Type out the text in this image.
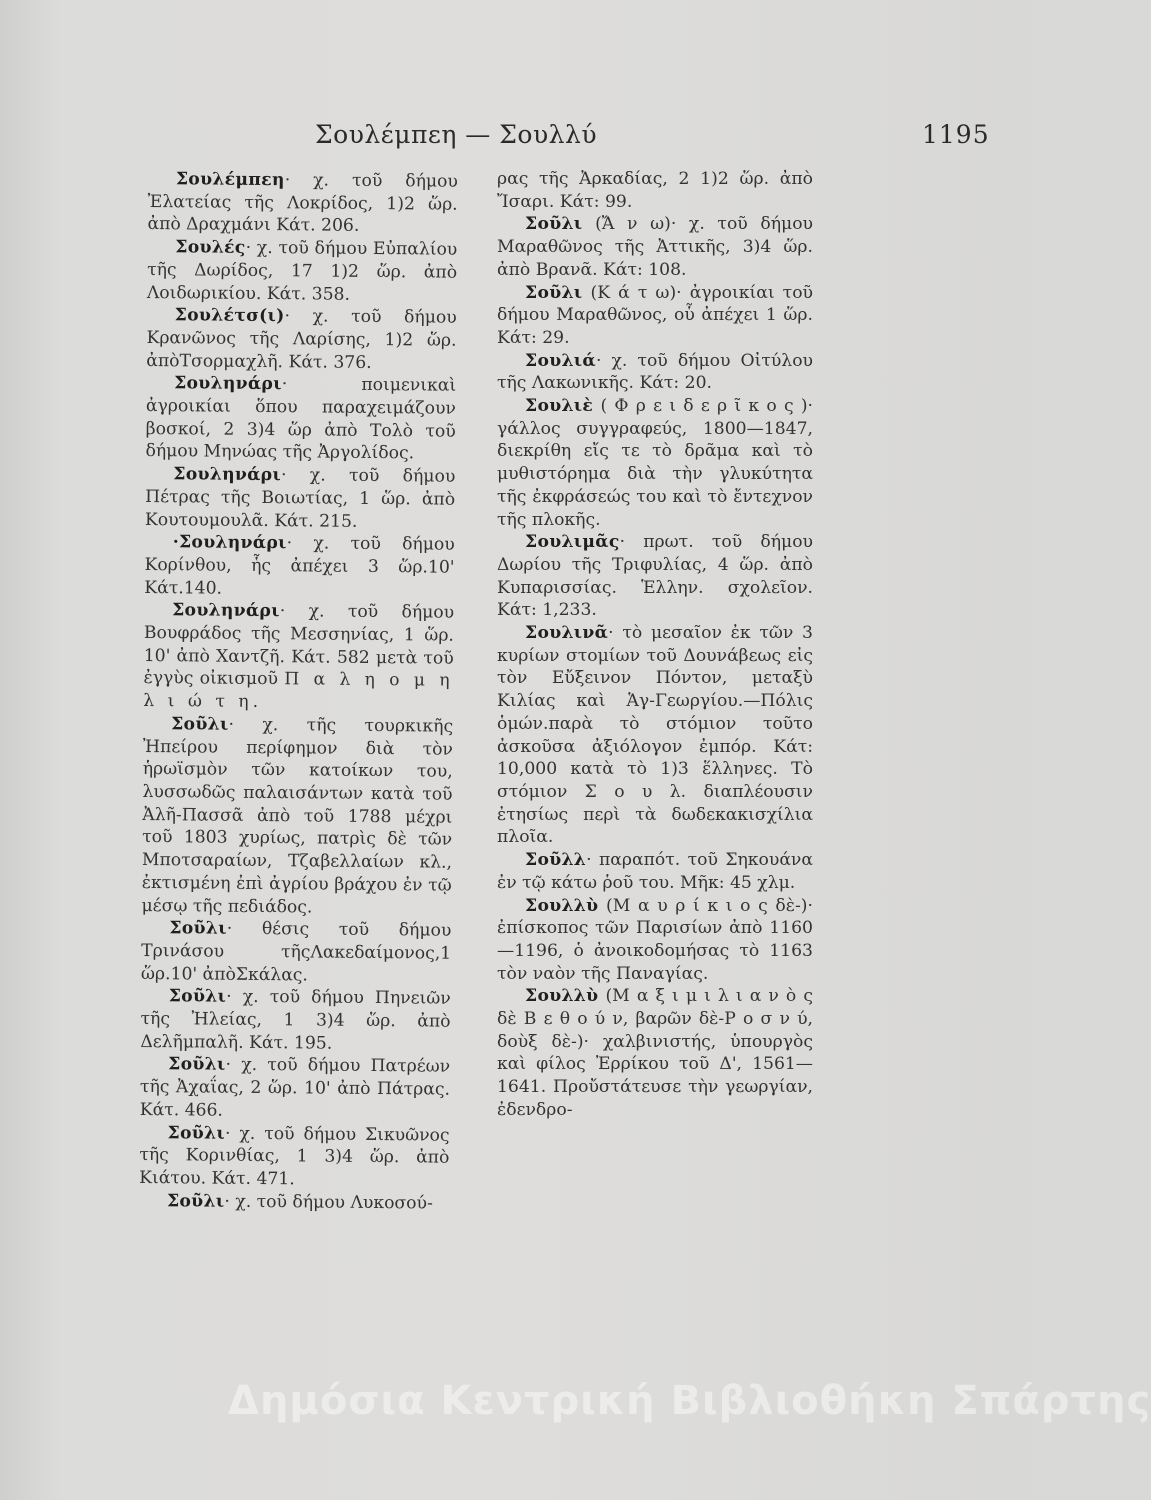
Σουλέμπεη — Σουλλύ	1195

Σουλέμπεη· χ. τοῦ δήμου Ἐλατείας τῆς Λοκρίδος, 1)2 ὥρ. ἀπὸ Δραχμάνι Κάτ. 206.

Σουλές· χ. τοῦ δήμου Εὐπαλίου τῆς Δωρίδος, 17 1)2 ὥρ. ἀπὸ Λοιδωρικίου. Κάτ. 358.

Σουλέτσ(ι)· χ. τοῦ δήμου Κρανῶνος τῆς Λαρίσης, 1)2 ὥρ. ἀπὸΤσορμαχλῆ. Κάτ. 376.

Σουληνάρι· ποιμενικαὶ ἀγροικίαι ὅπου παραχειμάζουν βοσκοί, 2 3)4 ὥρ ἀπὸ Τολὸ τοῦ δήμου Μηνώας τῆς Ἀργολίδος.

Σουληνάρι· χ. τοῦ δήμου Πέτρας τῆς Βοιωτίας, 1 ὥρ. ἀπὸ Κουτουμουλᾶ. Κάτ. 215.

·Σουληνάρι· χ. τοῦ δήμου Κορίνθου, ἧς ἀπέχει 3 ὥρ.10' Κάτ.140.

Σουληνάρι· χ. τοῦ δήμου Βουφράδος τῆς Μεσσηνίας, 1 ὥρ. 10' ἀπὸ Χαντζῆ. Κάτ. 582 μετὰ τοῦ ἐγγὺς οἰκισμοῦ Π α λ η ο μ η λ ι ώ τ η.

Σοῦλι· χ. τῆς τουρκικῆς Ἠπείρου περίφημον διὰ τὸν ἡρωϊσμὸν τῶν κατοίκων του, λυσσωδῶς παλαισάντων κατὰ τοῦ Ἀλῆ-Πασσᾶ ἀπὸ τοῦ 1788 μέχρι τοῦ 1803 χυρίως, πατρὶς δὲ τῶν Μποτσαραίων, Τζαβελλαίων κλ., ἐκτισμένη ἐπὶ ἀγρίου βράχου ἐν τῷ μέσῳ τῆς πεδιάδος.

Σοῦλι· θέσις τοῦ δήμου Τρινάσου τῆςΛακεδαίμονος,1 ὥρ.10' ἀπὸΣκάλας.

Σοῦλι· χ. τοῦ δήμου Πηνειῶν τῆς Ἠλείας, 1 3)4 ὥρ. ἀπὸ Δελῆμπαλῆ. Κάτ. 195.

Σοῦλι· χ. τοῦ δήμου Πατρέων τῆς Ἀχαΐας, 2 ὥρ. 10' ἀπὸ Πάτρας. Κάτ. 466.

Σοῦλι· χ. τοῦ δήμου Σικυῶνος τῆς Κορινθίας, 1 3)4 ὥρ. ἀπὸ Κιάτου. Κάτ. 471.

Σοῦλι· χ. τοῦ δήμου Λυκοσού-

ρας τῆς Ἀρκαδίας, 2 1)2 ὥρ. ἀπὸ Ἴσαρι. Κάτ: 99.

Σοῦλι (Ἄ ν ω)· χ. τοῦ δήμου Μαραθῶνος τῆς Ἀττικῆς, 3)4 ὥρ. ἀπὸ Βρανᾶ. Κάτ: 108.

Σοῦλι (Κ ά τ ω)· ἀγροικίαι τοῦ δήμου Μαραθῶνος, οὗ ἀπέχει 1 ὥρ. Κάτ: 29.

Σουλιά· χ. τοῦ δήμου Οἰτύλου τῆς Λακωνικῆς. Κάτ: 20.

Σουλιὲ ( Φ ρ ε ι δ ε ρ ῖ κ ο ς )· γάλλος συγγραφεύς, 1800—1847, διεκρίθη εἴς τε τὸ δρᾶμα καὶ τὸ μυθιστόρημα διὰ τὴν γλυκύτητα τῆς ἐκφράσεώς του καὶ τὸ ἔντεχνον τῆς πλοκῆς.

Σουλιμᾶς· πρωτ. τοῦ δήμου Δωρίου τῆς Τριφυλίας, 4 ὥρ. ἀπὸ Κυπαρισσίας. Ἑλλην. σχολεῖον. Κάτ: 1,233.

Σουλινᾶ· τὸ μεσαῖον ἐκ τῶν 3 κυρίων στομίων τοῦ Δουνάβεως εἰς τὸν Εὔξεινον Πόντον, μεταξὺ Κιλίας καὶ Ἁγ-Γεωργίου.—Πόλις ὁμών.παρὰ τὸ στόμιον τοῦτο ἀσκοῦσα ἀξιόλογον ἐμπόρ. Κάτ: 10,000 κατὰ τὸ 1)3 ἕλληνες. Τὸ στόμιον Σ ο υ λ. διαπλέουσιν ἐτησίως περὶ τὰ δωδεκακισχίλια πλοῖα.

Σοῦλλ· παραπότ. τοῦ Σηκουάνα ἐν τῷ κάτω ῥοῦ του. Μῆκ: 45 χλμ.

Σουλλὺ (Μ α υ ρ ί κ ι ο ς δὲ-)· ἐπίσκοπος τῶν Παρισίων ἀπὸ 1160—1196, ὁ ἀνοικοδομήσας τὸ 1163 τὸν ναὸν τῆς Παναγίας.

Σουλλὺ (Μ α ξ ι μ ι λ ι α ν ὸ ς δὲ Β ε θ ο ύ ν, βαρῶν δὲ-Ρ ο σ ν ύ, δοὺξ δὲ-)· χαλβινιστής, ὑπουργὸς καὶ φίλος Ἐρρίκου τοῦ Δ', 1561—1641. Προὔστάτευσε τὴν γεωργίαν, ἐδενδρο-

Δημόσια Κεντρική Βιβλιοθήκη Σπάρτης
